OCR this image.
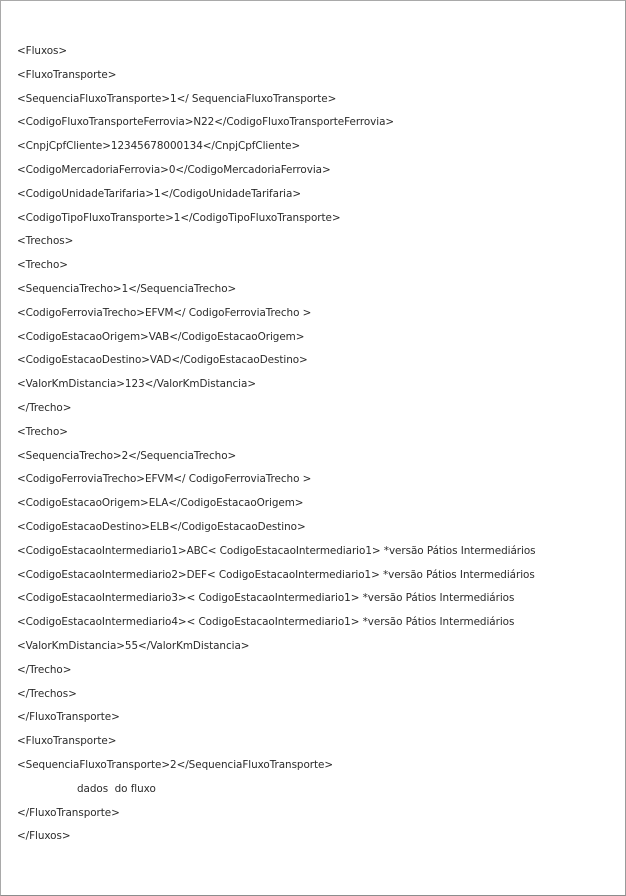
<Fluxos>
<FluxoTransporte>
<SequenciaFluxoTransporte>1</ SequenciaFluxoTransporte>
<CodigoFluxoTransporteFerrovia>N22</CodigoFluxoTransporteFerrovia>
<CnpjCpfCliente>12345678000134</CnpjCpfCliente>
<CodigoMercadoriaFerrovia>0</CodigoMercadoriaFerrovia>
<CodigoUnidadeTarifaria>1</CodigoUnidadeTarifaria>
<CodigoTipoFluxoTransporte>1</CodigoTipoFluxoTransporte>
<Trechos>
<Trecho>
<SequenciaTrecho>1</SequenciaTrecho>
<CodigoFerroviaTrecho>EFVM</ CodigoFerroviaTrecho >
<CodigoEstacaoOrigem>VAB</CodigoEstacaoOrigem>
<CodigoEstacaoDestino>VAD</CodigoEstacaoDestino>
<ValorKmDistancia>123</ValorKmDistancia>
</Trecho>
<Trecho>
<SequenciaTrecho>2</SequenciaTrecho>
<CodigoFerroviaTrecho>EFVM</ CodigoFerroviaTrecho >
<CodigoEstacaoOrigem>ELA</CodigoEstacaoOrigem>
<CodigoEstacaoDestino>ELB</CodigoEstacaoDestino>
<CodigoEstacaoIntermediario1>ABC< CodigoEstacaoIntermediario1> *versão Pátios Intermediários
<CodigoEstacaoIntermediario2>DEF< CodigoEstacaoIntermediario1> *versão Pátios Intermediários
<CodigoEstacaoIntermediario3>< CodigoEstacaoIntermediario1> *versão Pátios Intermediários
<CodigoEstacaoIntermediario4>< CodigoEstacaoIntermediario1> *versão Pátios Intermediários
<ValorKmDistancia>55</ValorKmDistancia>
</Trecho>
</Trechos>
</FluxoTransporte>
<FluxoTransporte>
<SequenciaFluxoTransporte>2</SequenciaFluxoTransporte>
dados  do fluxo
</FluxoTransporte>
</Fluxos>
